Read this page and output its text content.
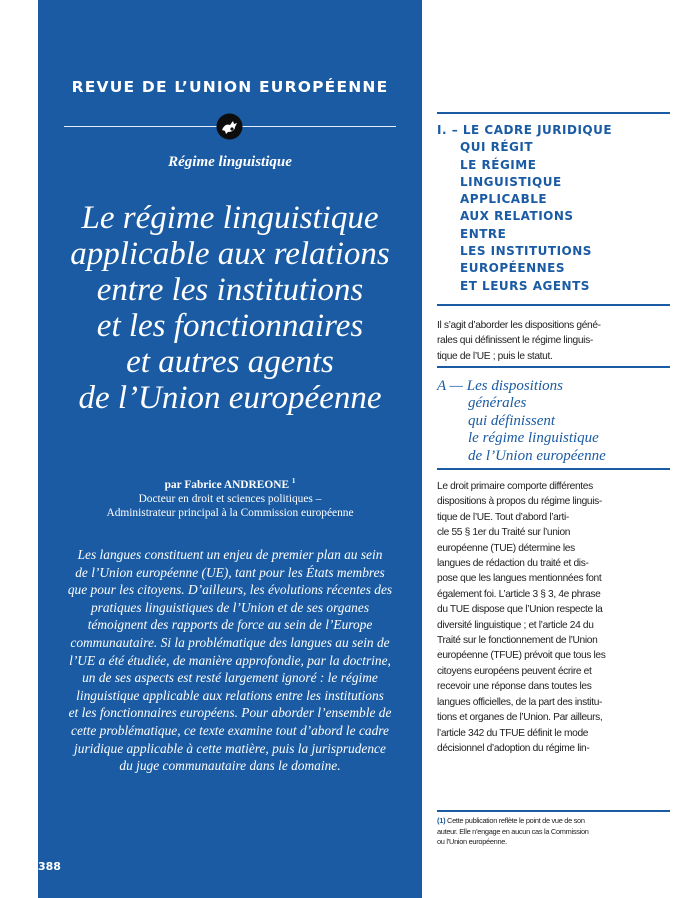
REVUE DE L’UNION EUROPÉENNE
Régime linguistique
Le régime linguistique
applicable aux relations
entre les institutions
et les fonctionnaires
et autres agents
de l’Union européenne
par Fabrice ANDREONE $^1$
Docteur en droit et sciences politiques –
Administrateur principal à la Commission européenne
Les langues constituent un enjeu de premier plan au sein
de l’Union européenne (UE), tant pour les États membres
que pour les citoyens. D’ailleurs, les évolutions récentes des
pratiques linguistiques de l’Union et de ses organes
témoignent des rapports de force au sein de l’Europe
communautaire. Si la problématique des langues au sein de
l’UE a été étudiée, de manière approfondie, par la doctrine,
un de ses aspects est resté largement ignoré : le régime
linguistique applicable aux relations entre les institutions
et les fonctionnaires européens. Pour aborder l’ensemble de
cette problématique, ce texte examine tout d’abord le cadre
juridique applicable à cette matière, puis la jurisprudence
du juge communautaire dans le domaine.
388
I. – LE CADRE JURIDIQUE
QUI RÉGIT
LE RÉGIME
LINGUISTIQUE
APPLICABLE
AUX RELATIONS
ENTRE
LES INSTITUTIONS
EUROPÉENNES
ET LEURS AGENTS
Il s’agit d’aborder les dispositions géné-
rales qui définissent le régime linguis-
tique de l’UE ; puis le statut.
A — Les dispositions
générales
qui définissent
le régime linguistique
de l’Union européenne
Le droit primaire comporte différentes
dispositions à propos du régime linguis-
tique de l’UE. Tout d’abord l’arti-
cle 55 § 1er du Traité sur l’union
européenne (TUE) détermine les
langues de rédaction du traité et dis-
pose que les langues mentionnées font
également foi. L’article 3 § 3, 4e phrase
du TUE dispose que l’Union respecte la
diversité linguistique ; et l’article 24 du
Traité sur le fonctionnement de l’Union
européenne (TFUE) prévoit que tous les
citoyens européens peuvent écrire et
recevoir une réponse dans toutes les
langues officielles, de la part des institu-
tions et organes de l’Union. Par ailleurs,
l’article 342 du TFUE définit le mode
décisionnel d’adoption du régime lin-
(1) Cette publication reflète le point de vue de son
auteur. Elle n’engage en aucun cas la Commission
ou l’Union européenne.
